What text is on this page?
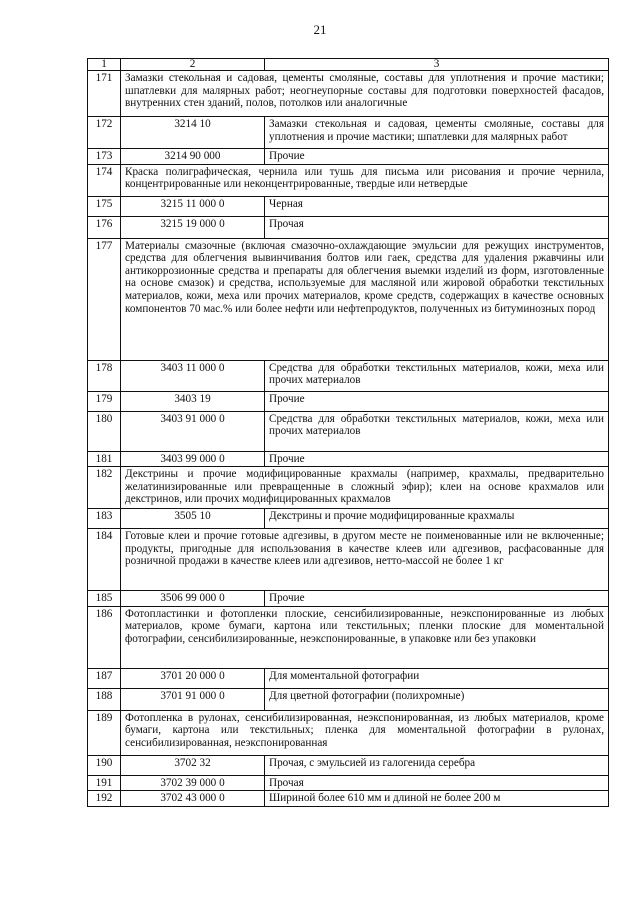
21
1	2	3
171	Замазки стекольная и садовая, цементы смоляные, составы для уплотнения и прочие мастики; шпатлевки для малярных работ; неогнеупорные составы для подготовки поверхностей фасадов, внутренних стен зданий, полов, потолков или аналогичные	
172	3214 10	Замазки стекольная и садовая, цементы смоляные, составы для уплотнения и прочие мастики; шпатлевки для малярных работ
173	3214 90 000	Прочие
174	Краска полиграфическая, чернила или тушь для письма или рисования и прочие чернила, концентрированные или неконцентрированные, твердые или нетвердые	
175	3215 11 000 0	Черная
176	3215 19 000 0	Прочая
177	Материалы смазочные (включая смазочно-охлаждающие эмульсии для режущих инструментов, средства для облегчения вывинчивания болтов или гаек, средства для удаления ржавчины или антикоррозионные средства и препараты для облегчения выемки изделий из форм, изготовленные на основе смазок) и средства, используемые для масляной или жировой обработки текстильных материалов, кожи, меха или прочих материалов, кроме средств, содержащих в качестве основных компонентов 70 мас.% или более нефти или нефтепродуктов, полученных из битуминозных пород	
178	3403 11 000 0	Средства для обработки текстильных материалов, кожи, меха или прочих материалов
179	3403 19	Прочие
180	3403 91 000 0	Средства для обработки текстильных материалов, кожи, меха или прочих материалов
181	3403 99 000 0	Прочие
182	Декстрины и прочие модифицированные крахмалы (например, крахмалы, предварительно желатинизированные или превращенные в сложный эфир); клеи на основе крахмалов или декстринов, или прочих модифицированных крахмалов	
183	3505 10	Декстрины и прочие модифицированные крахмалы
184	Готовые клеи и прочие готовые адгезивы, в другом месте не поименованные или не включенные; продукты, пригодные для использования в качестве клеев или адгезивов, расфасованные для розничной продажи в качестве клеев или адгезивов, нетто-массой не более 1 кг	
185	3506 99 000 0	Прочие
186	Фотопластинки и фотопленки плоские, сенсибилизированные, неэкспонированные из любых материалов, кроме бумаги, картона или текстильных; пленки плоские для моментальной фотографии, сенсибилизированные, неэкспонированные, в упаковке или без упаковки	
187	3701 20 000 0	Для моментальной фотографии
188	3701 91 000 0	Для цветной фотографии (полихромные)
189	Фотопленка в рулонах, сенсибилизированная, неэкспонированная, из любых материалов, кроме бумаги, картона или текстильных; пленка для моментальной фотографии в рулонах, сенсибилизированная, неэкспонированная	
190	3702 32	Прочая, с эмульсией из галогенида серебра
191	3702 39 000 0	Прочая
192	3702 43 000 0	Шириной более 610 мм и длиной не более 200 м
